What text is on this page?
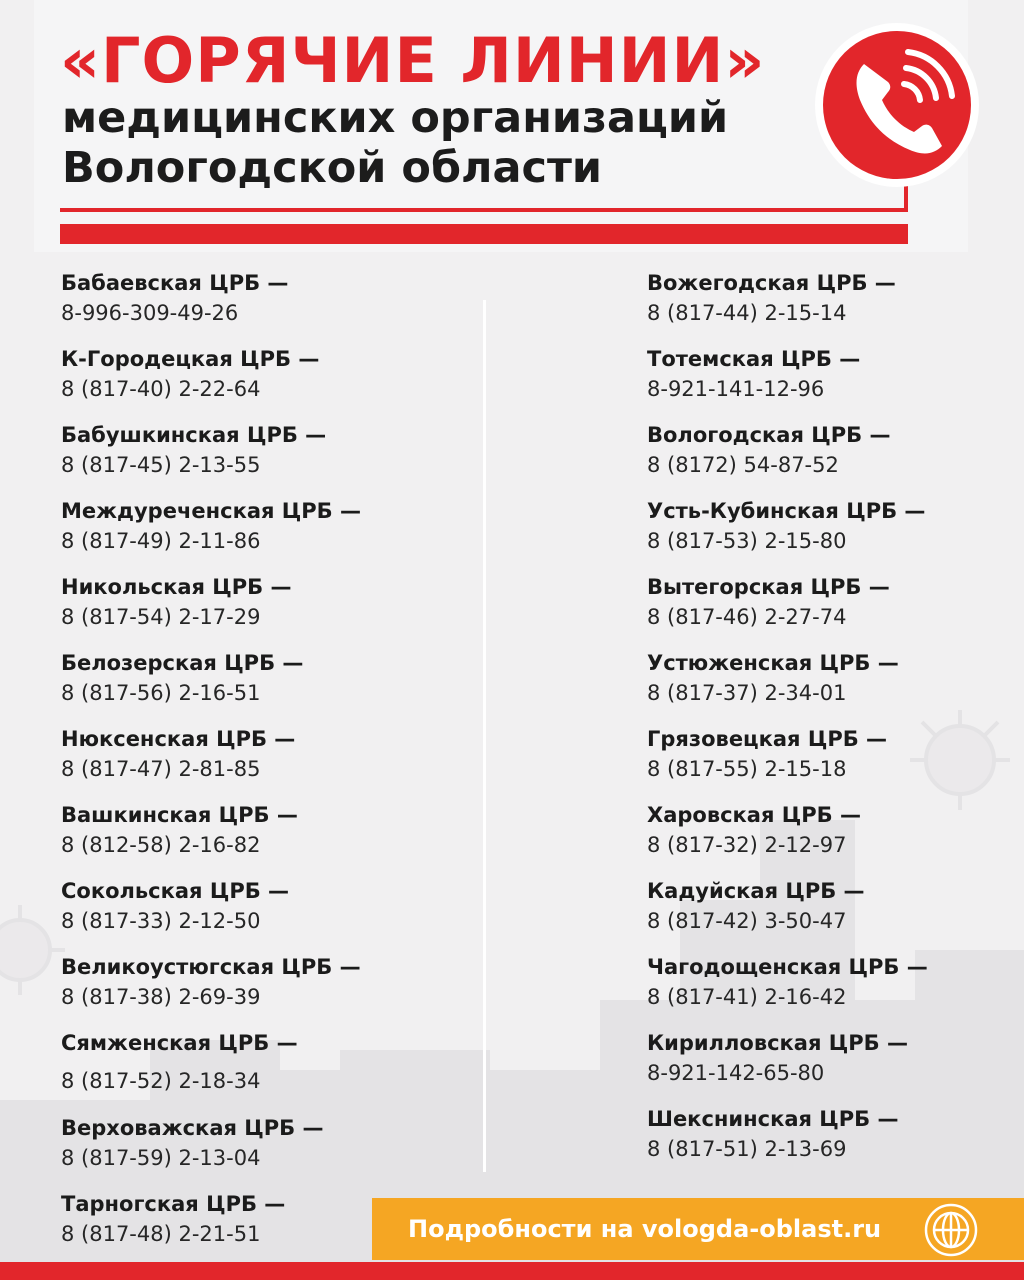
«ГОРЯЧИЕ ЛИНИИ»
медицинских организаций
Вологодской области
Бабаевская ЦРБ —
8-996-309-49-26
К-Городецкая ЦРБ —
8 (817-40) 2-22-64
Бабушкинская ЦРБ —
8 (817-45) 2-13-55
Междуреченская ЦРБ —
8 (817-49) 2-11-86
Никольская ЦРБ —
8 (817-54) 2-17-29
Белозерская ЦРБ —
8 (817-56) 2-16-51
Нюксенская ЦРБ —
8 (817-47) 2-81-85
Вашкинская ЦРБ —
8 (812-58) 2-16-82
Сокольская ЦРБ —
8 (817-33) 2-12-50
Великоустюгская ЦРБ —
8 (817-38) 2-69-39
Сямженская ЦРБ —
8 (817-52) 2-18-34
Верховажская ЦРБ —
8 (817-59) 2-13-04
Тарногская ЦРБ —
8 (817-48) 2-21-51
Вожегодская ЦРБ —
8 (817-44) 2-15-14
Тотемская ЦРБ —
8-921-141-12-96
Вологодская ЦРБ —
8 (8172) 54-87-52
Усть-Кубинская ЦРБ —
8 (817-53) 2-15-80
Вытегорская ЦРБ —
8 (817-46) 2-27-74
Устюженская ЦРБ —
8 (817-37) 2-34-01
Грязовецкая ЦРБ —
8 (817-55) 2-15-18
Харовская ЦРБ —
8 (817-32) 2-12-97
Кадуйская ЦРБ —
8 (817-42) 3-50-47
Чагодощенская ЦРБ —
8 (817-41) 2-16-42
Кирилловская ЦРБ —
8-921-142-65-80
Шекснинская ЦРБ —
8 (817-51) 2-13-69
Подробности на vologda-oblast.ru
